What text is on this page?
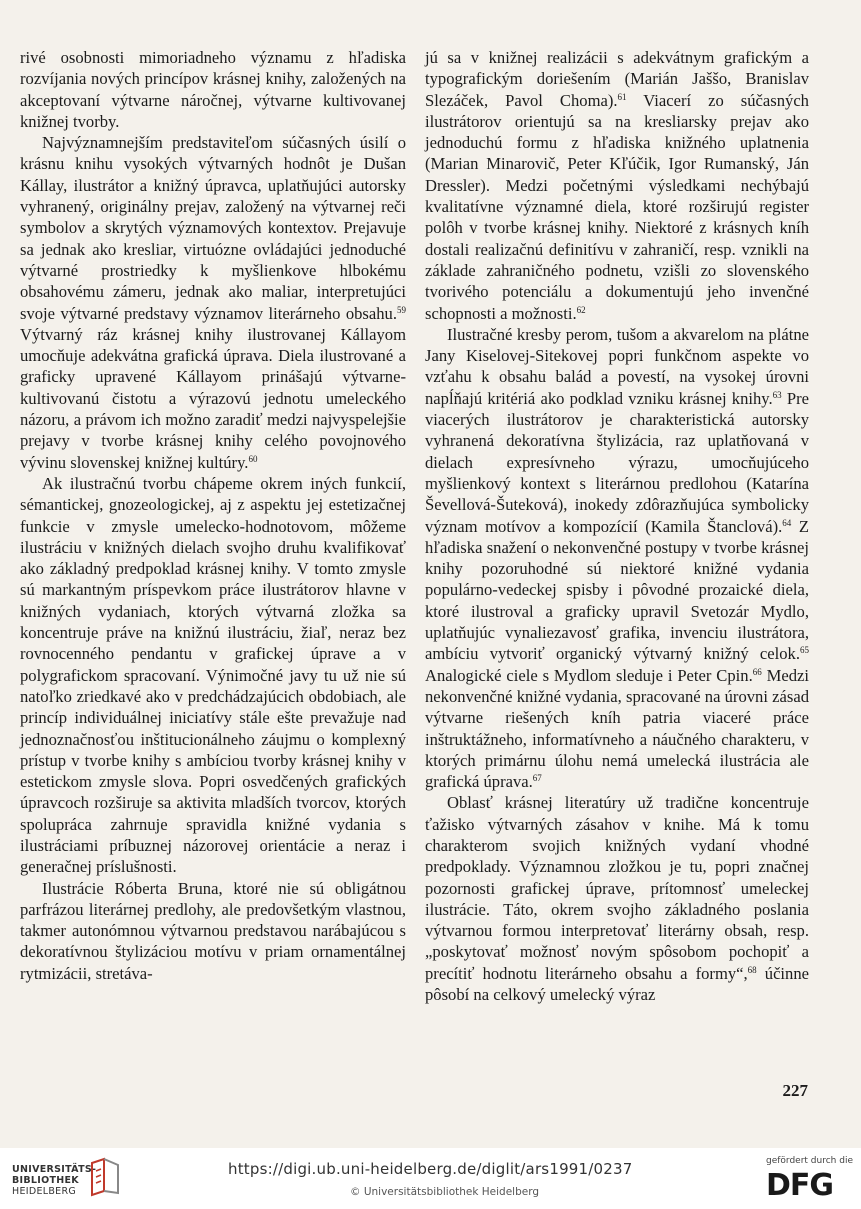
rivé osobnosti mimoriadneho významu z hľadiska rozvíjania nových princípov krásnej knihy, založených na akceptovaní výtvarne náročnej, výtvarne kultivovanej knižnej tvorby.

Najvýznamnejším predstaviteľom súčasných úsilí o krásnu knihu vysokých výtvarných hodnôt je Dušan Kállay, ilustrátor a knižný úpravca, uplatňujúci autorsky vyhranený, originálny prejav, založený na výtvarnej reči symbolov a skrytých významových kontextov. Prejavuje sa jednak ako kresliar, virtuózne ovládajúci jednoduché výtvarné prostriedky k myšlienkove hlbokému obsahovému zámeru, jednak ako maliar, interpretujúci svoje výtvarné predstavy významov literárneho obsahu.$^{59}$ Výtvarný ráz krásnej knihy ilustrovanej Kállayom umocňuje adekvátna grafická úprava. Diela ilustrované a graficky upravené Kállayom prinášajú výtvarne-kultivovanú čistotu a výrazovú jednotu umeleckého názoru, a právom ich možno zaradiť medzi najvyspelejšie prejavy v tvorbe krásnej knihy celého povojnového vývinu slovenskej knižnej kultúry.$^{60}$

Ak ilustračnú tvorbu chápeme okrem iných funkcií, sémantickej, gnozeologickej, aj z aspektu jej estetizačnej funkcie v zmysle umelecko-hodnotovom, môžeme ilustráciu v knižných dielach svojho druhu kvalifikovať ako základný predpoklad krásnej knihy. V tomto zmysle sú markantným príspevkom práce ilustrátorov hlavne v knižných vydaniach, ktorých výtvarná zložka sa koncentruje práve na knižnú ilustráciu, žiaľ, neraz bez rovnocenného pendantu v grafickej úprave a v polygrafickom spracovaní. Výnimočné javy tu už nie sú natoľko zriedkavé ako v predchádzajúcich obdobiach, ale princíp individuálnej iniciatívy stále ešte prevažuje nad jednoznačnosťou inštitucionálneho záujmu o komplexný prístup v tvorbe knihy s ambíciou tvorby krásnej knihy v estetickom zmysle slova. Popri osvedčených grafických úpravcoch rozširuje sa aktivita mladších tvorcov, ktorých spolupráca zahrnuje spravidla knižné vydania s ilustráciami príbuznej názorovej orientácie a neraz i generačnej príslušnosti.

Ilustrácie Róberta Bruna, ktoré nie sú obligátnou parfrázou literárnej predlohy, ale predovšetkým vlastnou, takmer autonómnou výtvarnou predstavou narábajúcou s dekoratívnou štylizáciou motívu v priam ornamentálnej rytmizácii, stretáva-

jú sa v knižnej realizácii s adekvátnym grafickým a typografickým doriešením (Marián Jaššo, Branislav Slezáček, Pavol Choma).$^{61}$ Viacerí zo súčasných ilustrátorov orientujú sa na kresliarsky prejav ako jednoduchú formu z hľadiska knižného uplatnenia (Marian Minarovič, Peter Kľúčik, Igor Rumanský, Ján Dressler). Medzi početnými výsledkami nechýbajú kvalitatívne významné diela, ktoré rozširujú register polôh v tvorbe krásnej knihy. Niektoré z krásnych kníh dostali realizačnú definitívu v zahraničí, resp. vznikli na základe zahraničného podnetu, vzišli zo slovenského tvorivého potenciálu a dokumentujú jeho invenčné schopnosti a možnosti.$^{62}$

Ilustračné kresby perom, tušom a akvarelom na plátne Jany Kiselovej-Sitekovej popri funkčnom aspekte vo vzťahu k obsahu balád a povestí, na vysokej úrovni napĺňajú kritériá ako podklad vzniku krásnej knihy.$^{63}$ Pre viacerých ilustrátorov je charakteristická autorsky vyhranená dekoratívna štylizácia, raz uplatňovaná v dielach expresívneho výrazu, umocňujúceho myšlienkový kontext s literárnou predlohou (Katarína Ševellová-Šuteková), inokedy zdôrazňujúca symbolicky význam motívov a kompozícií (Kamila Štanclová).$^{64}$ Z hľadiska snažení o nekonvenčné postupy v tvorbe krásnej knihy pozoruhodné sú niektoré knižné vydania populárno-vedeckej spisby i pôvodné prozaické diela, ktoré ilustroval a graficky upravil Svetozár Mydlo, uplatňujúc vynaliezavosť grafika, invenciu ilustrátora, ambíciu vytvoriť organický výtvarný knižný celok.$^{65}$ Analogické ciele s Mydlom sleduje i Peter Cpin.$^{66}$ Medzi nekonvenčné knižné vydania, spracované na úrovni zásad výtvarne riešených kníh patria viaceré práce inštruktážneho, informatívneho a náučného charakteru, v ktorých primárnu úlohu nemá umelecká ilustrácia ale grafická úprava.$^{67}$

Oblasť krásnej literatúry už tradične koncentruje ťažisko výtvarných zásahov v knihe. Má k tomu charakterom svojich knižných vydaní vhodné predpoklady. Významnou zložkou je tu, popri značnej pozornosti grafickej úprave, prítomnosť umeleckej ilustrácie. Táto, okrem svojho základného poslania výtvarnou formou interpretovať literárny obsah, resp. „poskytovať možnosť novým spôsobom pochopiť a precítiť hodnotu literárneho obsahu a formy“,$^{68}$ účinne pôsobí na celkový umelecký výraz

227
UNIVERSITÄTS-
BIBLIOTHEK
HEIDELBERG
https://digi.ub.uni-heidelberg.de/diglit/ars1991/0237
© Universitätsbibliothek Heidelberg
gefördert durch die
DFG
